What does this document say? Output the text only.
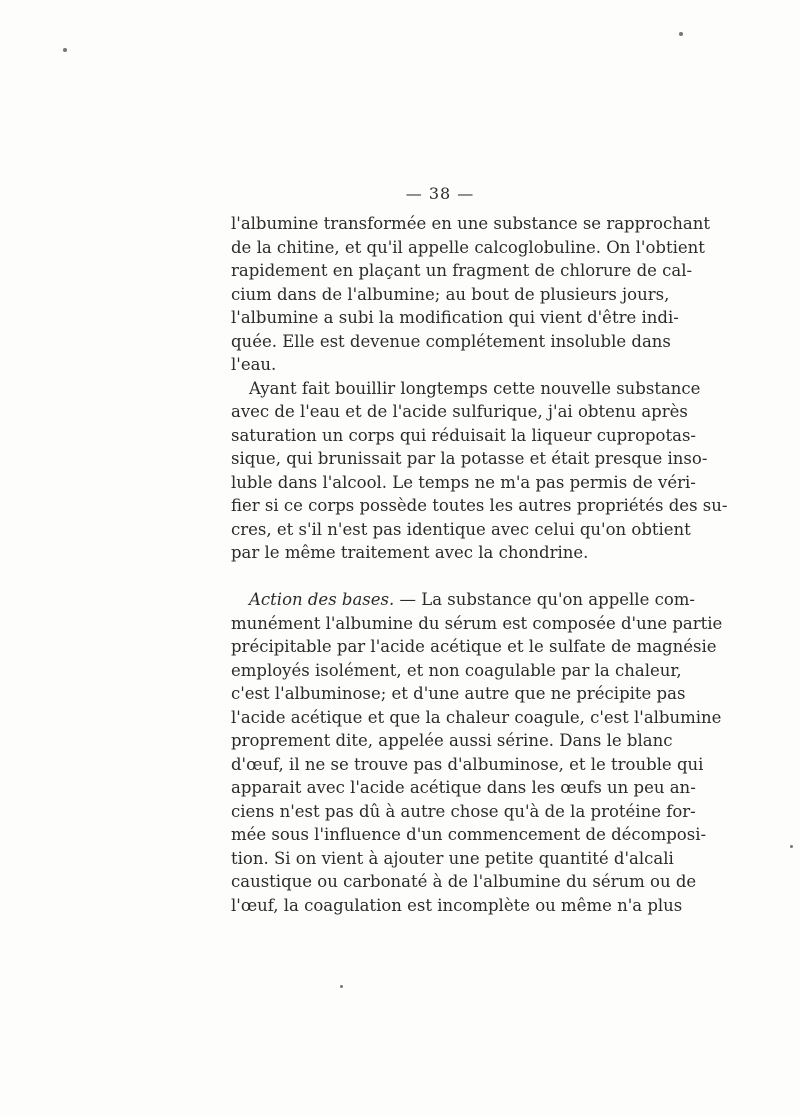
— 38 —
l'albumine transformée en une substance se rapprochant
de la chitine, et qu'il appelle calcoglobuline. On l'obtient
rapidement en plaçant un fragment de chlorure de cal-
cium dans de l'albumine; au bout de plusieurs jours,
l'albumine a subi la modification qui vient d'être indi-
quée. Elle est devenue complétement insoluble dans
l'eau.
Ayant fait bouillir longtemps cette nouvelle substance
avec de l'eau et de l'acide sulfurique, j'ai obtenu après
saturation un corps qui réduisait la liqueur cupropotas-
sique, qui brunissait par la potasse et était presque inso-
luble dans l'alcool. Le temps ne m'a pas permis de véri-
fier si ce corps possède toutes les autres propriétés des su-
cres, et s'il n'est pas identique avec celui qu'on obtient
par le même traitement avec la chondrine.
Action des bases. — La substance qu'on appelle com-
munément l'albumine du sérum est composée d'une partie
précipitable par l'acide acétique et le sulfate de magnésie
employés isolément, et non coagulable par la chaleur,
c'est l'albuminose; et d'une autre que ne précipite pas
l'acide acétique et que la chaleur coagule, c'est l'albumine
proprement dite, appelée aussi sérine. Dans le blanc
d'œuf, il ne se trouve pas d'albuminose, et le trouble qui
apparait avec l'acide acétique dans les œufs un peu an-
ciens n'est pas dû à autre chose qu'à de la protéine for-
mée sous l'influence d'un commencement de décomposi-
tion. Si on vient à ajouter une petite quantité d'alcali
caustique ou carbonaté à de l'albumine du sérum ou de
l'œuf, la coagulation est incomplète ou même n'a plus
